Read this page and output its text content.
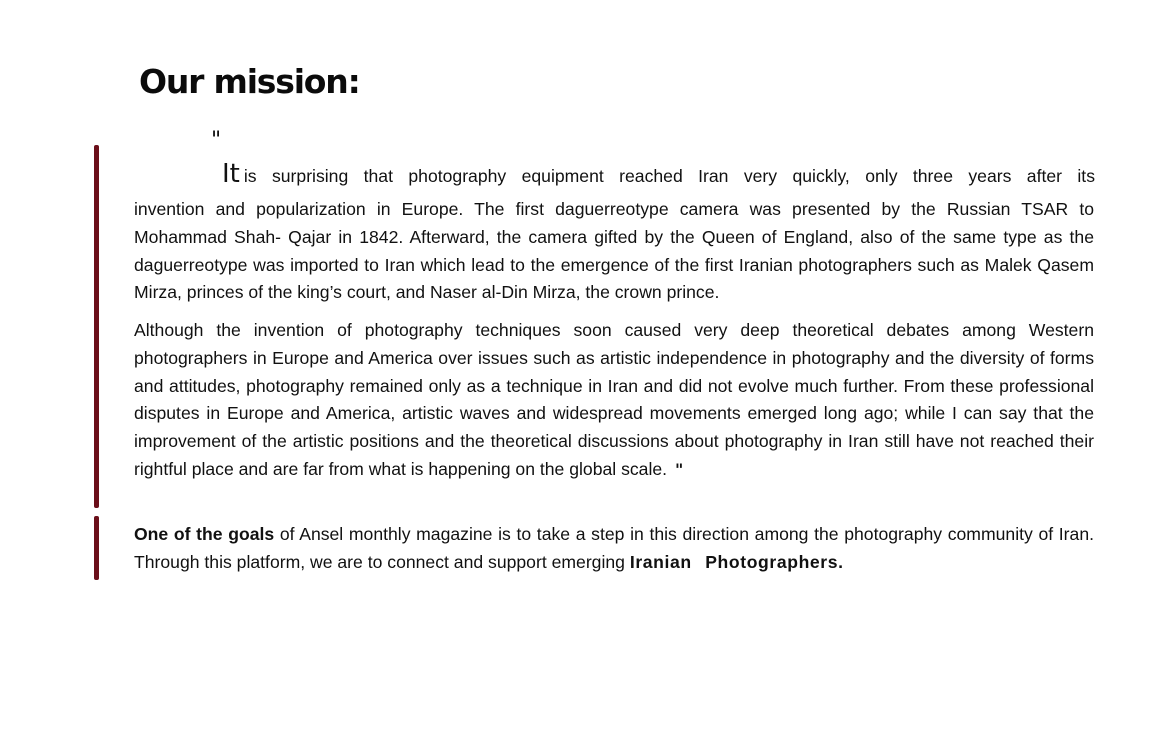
Our mission:
"

It is surprising that photography equipment reached Iran very quickly, only three years after its

invention and popularization in Europe. The first daguerreotype camera was presented by the Russian TSAR to Mohammad Shah- Qajar in 1842. Afterward, the camera gifted by the Queen of England, also of the same type as the daguerreotype was imported to Iran which lead to the emergence of the first Iranian photographers such as Malek Qasem Mirza, princes of the king’s court, and Naser al-Din Mirza, the crown prince.

Although the invention of photography techniques soon caused very deep theoretical debates among Western photographers in Europe and America over issues such as artistic independence in photography and the diversity of forms and attitudes, photography remained only as a technique in Iran and did not evolve much further. From these professional disputes in Europe and America, artistic waves and widespread movements emerged long ago; while I can say that the improvement of the artistic positions and the theoretical discussions about photography in Iran still have not reached their rightful place and are far from what is happening on the global scale. "

One of the goals of Ansel monthly magazine is to take a step in this direction among the photography community of Iran. Through this platform, we are to connect and support emerging Iranian Photographers.
